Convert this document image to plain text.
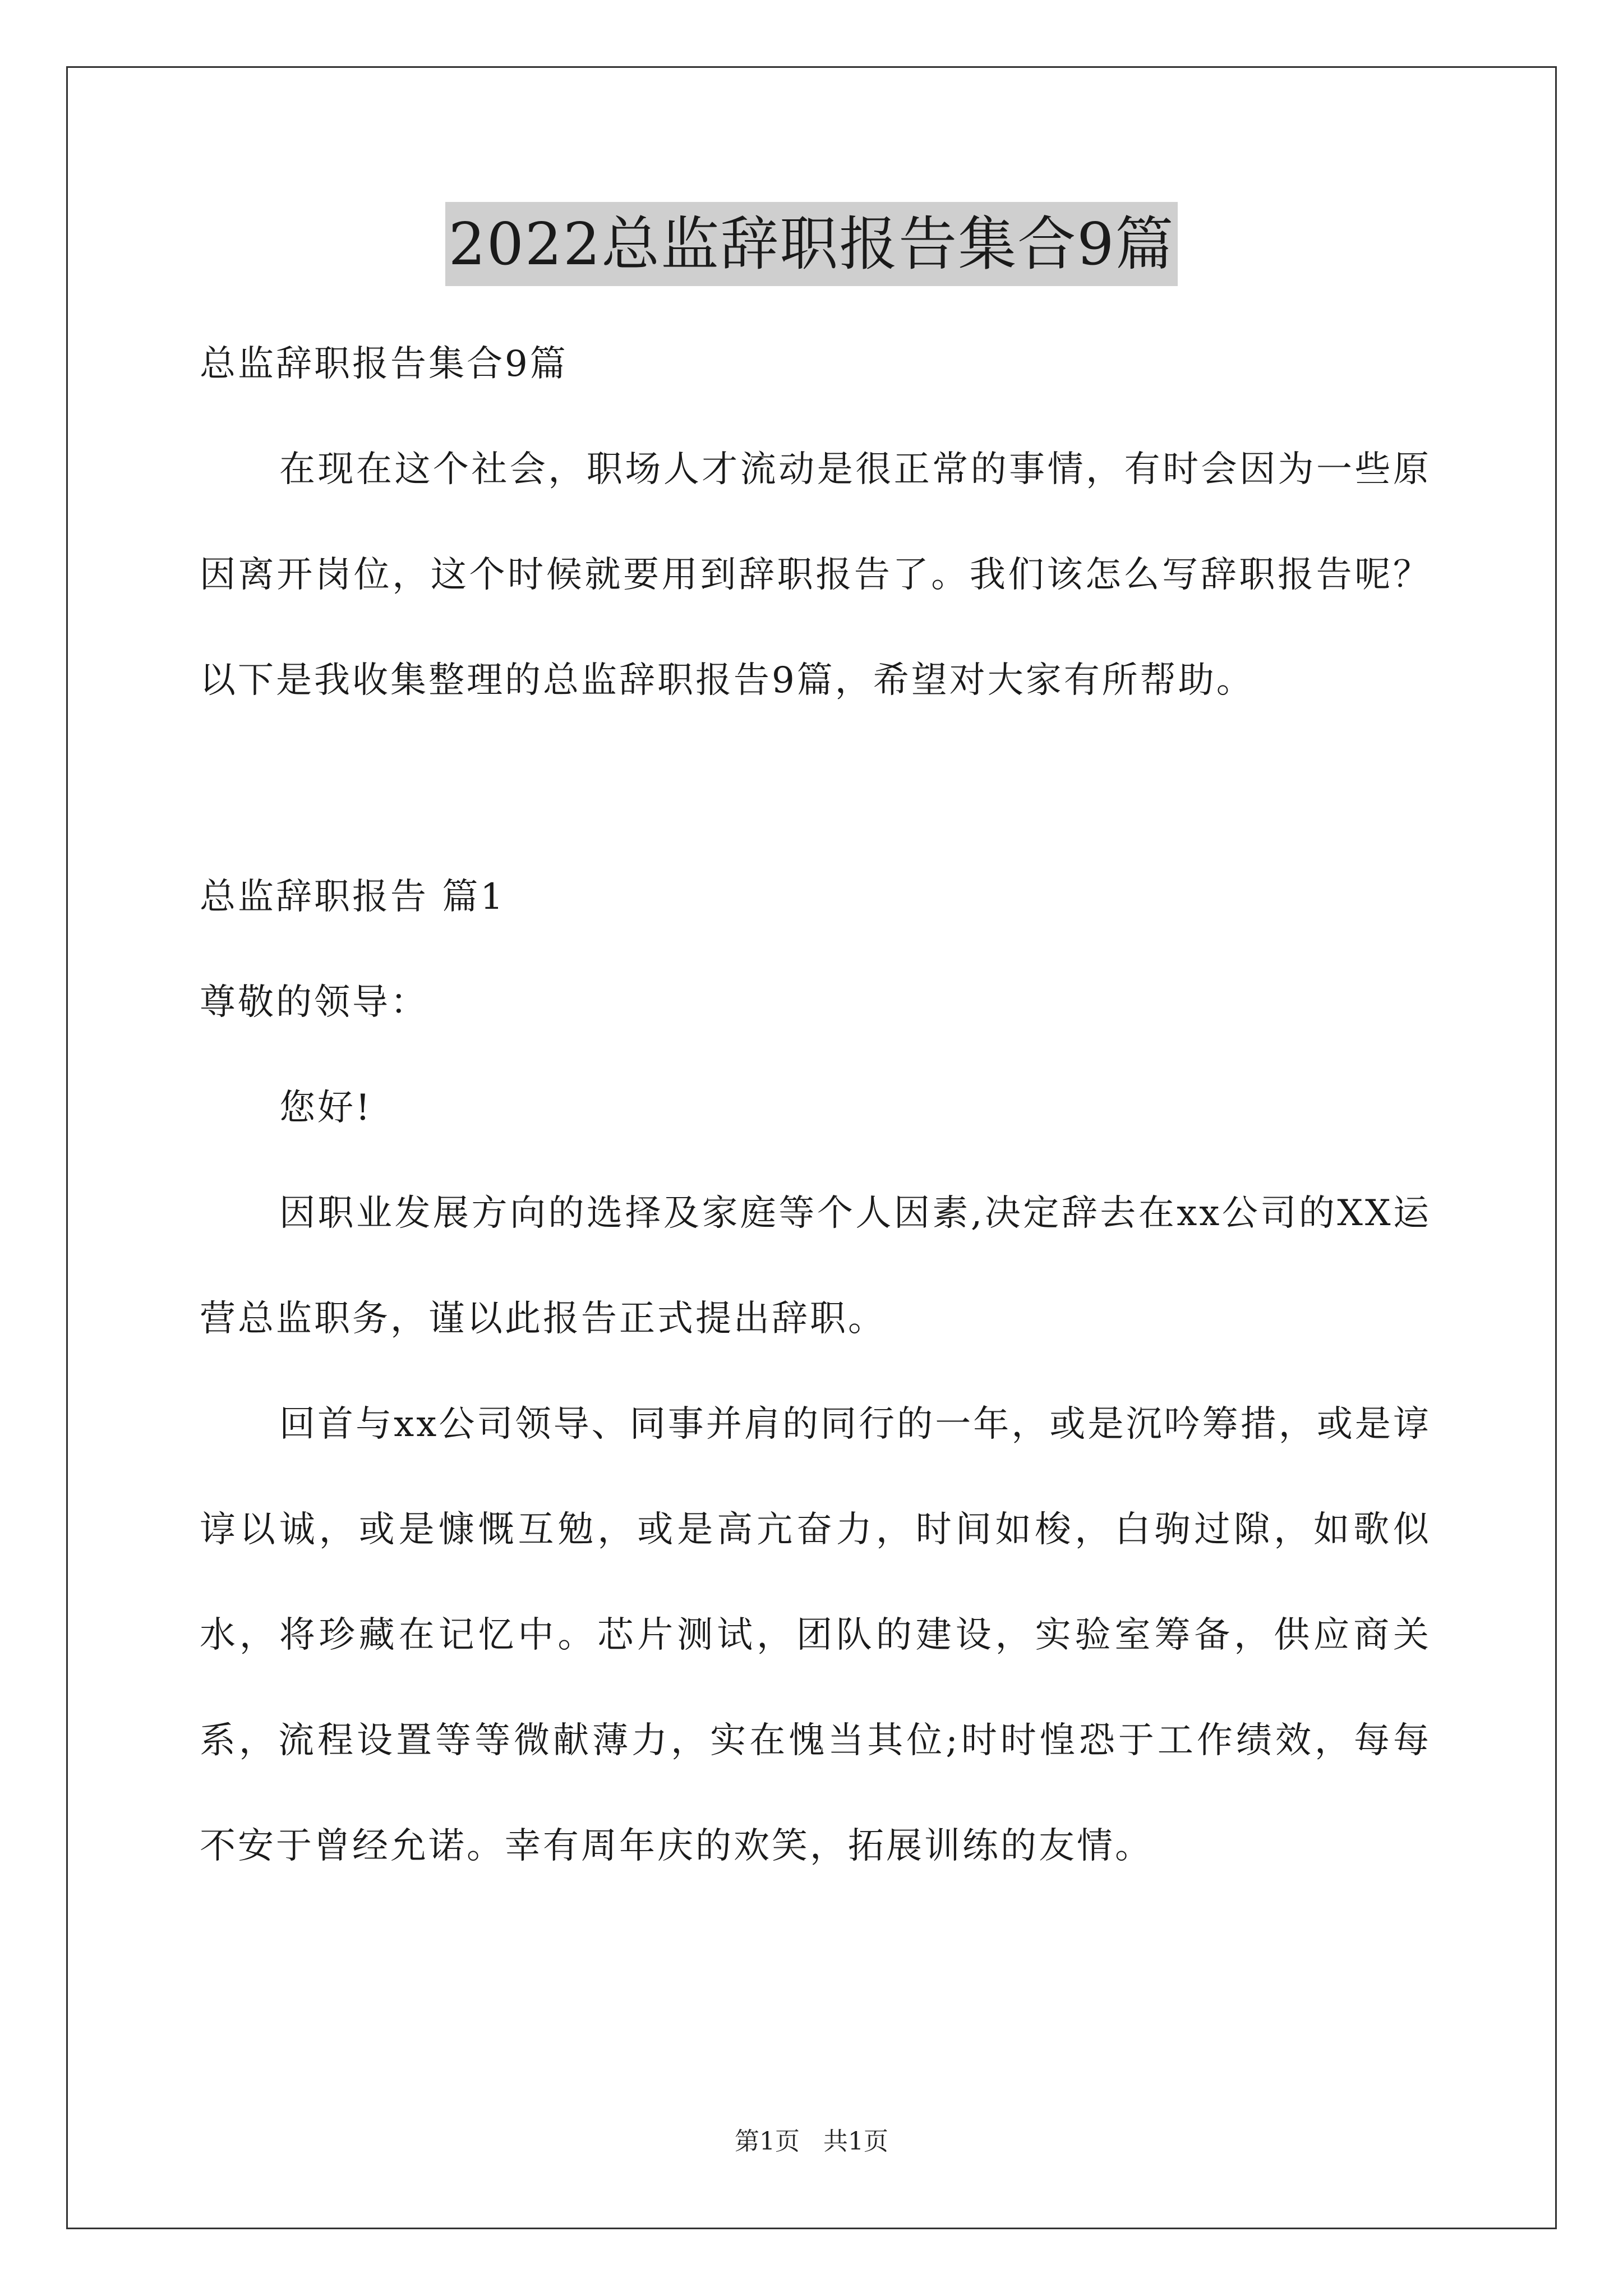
2022总监辞职报告集合9篇

总监辞职报告集合9篇

在现在这个社会，职场人才流动是很正常的事情，有时会因为一些原因离开岗位，这个时候就要用到辞职报告了。我们该怎么写辞职报告呢？以下是我收集整理的总监辞职报告9篇，希望对大家有所帮助。

总监辞职报告 篇1

尊敬的领导：

您好!

因职业发展方向的选择及家庭等个人因素,决定辞去在xx公司的XX运营总监职务，谨以此报告正式提出辞职。

回首与xx公司领导、同事并肩的同行的一年，或是沉吟筹措，或是谆谆以诚，或是慷慨互勉，或是高亢奋力，时间如梭，白驹过隙，如歌似水，将珍藏在记忆中。芯片测试，团队的建设，实验室筹备，供应商关系，流程设置等等微献薄力，实在愧当其位;时时惶恐于工作绩效，每每不安于曾经允诺。幸有周年庆的欢笑，拓展训练的友情。

第1页 共1页
